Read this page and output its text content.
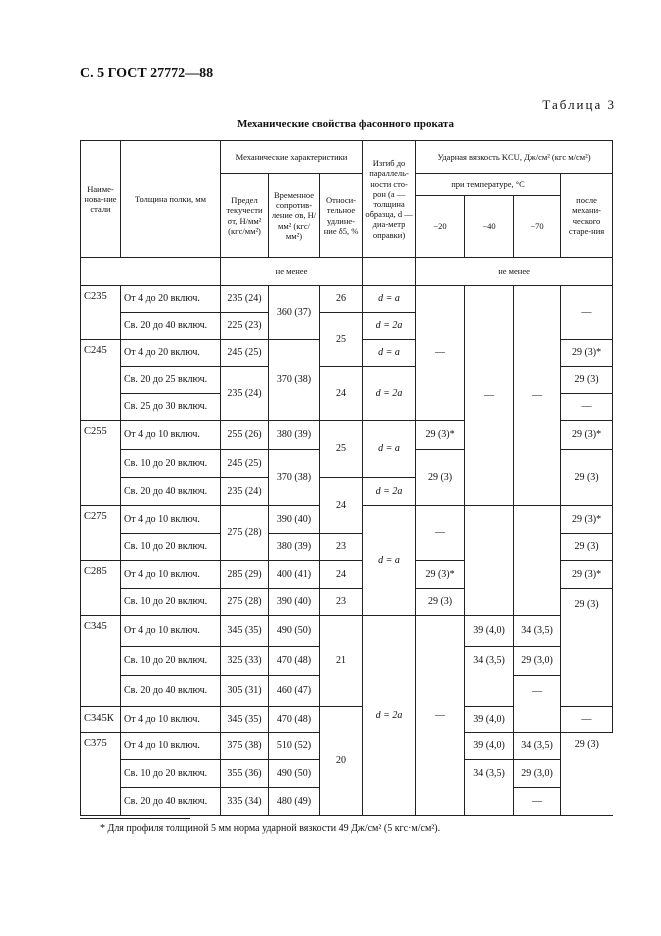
С. 5 ГОСТ 27772—88
Таблица 3
Механические свойства фасонного проката
Наиме-нова-ние стали	Толщина полки, мм	Механические характеристики			Изгиб до параллель-ности сто-рон (a — толщина образца, d — диа-метр оправки)	Ударная вязкость KCU, Дж/см² (кгс м/см²)			
		Предел текучести σт, Н/мм² (кгс/мм²)	Временное сопротив-ление σв, Н/мм² (кгс/мм²)	Относи-тельное удлине-ние δ5, %		при температуре, °С			после механи-ческого старе-ния
						−20	−40	−70	
		не менее				не менее			
С235	От 4 до 20 включ.	235 (24)	360 (37)	26	d = a	—	—	—	—
	Св. 20 до 40 включ.	225 (23)		25	d = 2a				
С245	От 4 до 20 включ.	245 (25)	370 (38)		d = a				29 (3)*
	Св. 20 до 25 включ.	235 (24)		24	d = 2a				29 (3)
	Св. 25 до 30 включ.								—
С255	От 4 до 10 включ.	255 (26)	380 (39)	25	d = a	29 (3)*			29 (3)*
	Св. 10 до 20 включ.	245 (25)	370 (38)			29 (3)			29 (3)
	Св. 20 до 40 включ.	235 (24)		24	d = 2a				
С275	От 4 до 10 включ.	275 (28)	390 (40)		d = a	—			29 (3)*
	Св. 10 до 20 включ.		380 (39)	23					29 (3)
С285	От 4 до 10 включ.	285 (29)	400 (41)	24		29 (3)*			29 (3)*
	Св. 10 до 20 включ.	275 (28)	390 (40)	23		29 (3)			29 (3)
С345	От 4 до 10 включ.	345 (35)	490 (50)	21	d = 2a	—	39 (4,0)	34 (3,5)	
	Св. 10 до 20 включ.	325 (33)	470 (48)				34 (3,5)	29 (3,0)	
	Св. 20 до 40 включ.	305 (31)	460 (47)					—	
С345К	От 4 до 10 включ.	345 (35)	470 (48)	20			39 (4,0)		—
С375	От 4 до 10 включ.	375 (38)	510 (52)				39 (4,0)	34 (3,5)	29 (3)
	Св. 10 до 20 включ.	355 (36)	490 (50)				34 (3,5)	29 (3,0)	
	Св. 20 до 40 включ.	335 (34)	480 (49)					—	
* Для профиля толщиной 5 мм норма ударной вязкости 49 Дж/см² (5 кгс·м/см²).
